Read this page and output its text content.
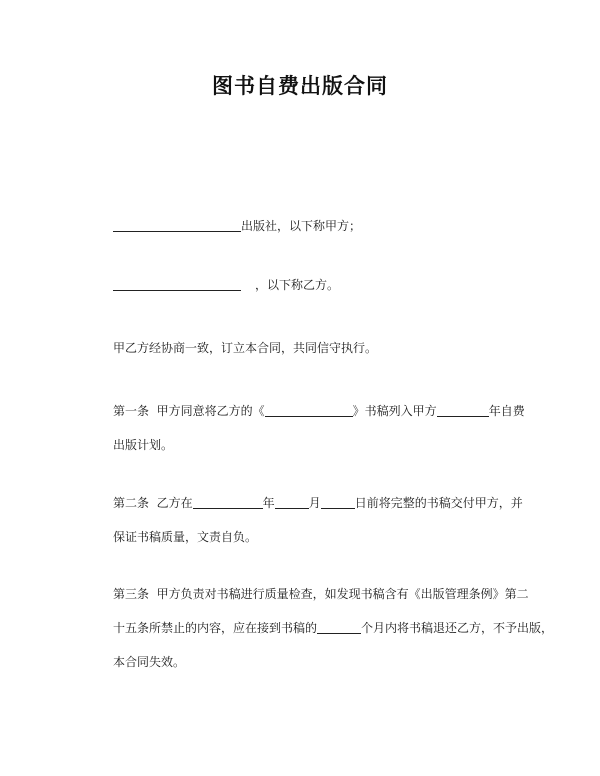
图书自费出版合同
出版社，以下称甲方；
，以下称乙方。
甲乙方经协商一致，订立本合同，共同信守执行。
第一条 甲方同意将乙方的《	》书稿列入甲方	年自费
出版计划。
第二条 乙方在	年	月	日前将完整的书稿交付甲方，并
保证书稿质量，文责自负。
第三条 甲方负责对书稿进行质量检查，如发现书稿含有《出版管理条例》第二
十五条所禁止的内容，应在接到书稿的	个月内将书稿退还乙方，不予出版，
本合同失效。
